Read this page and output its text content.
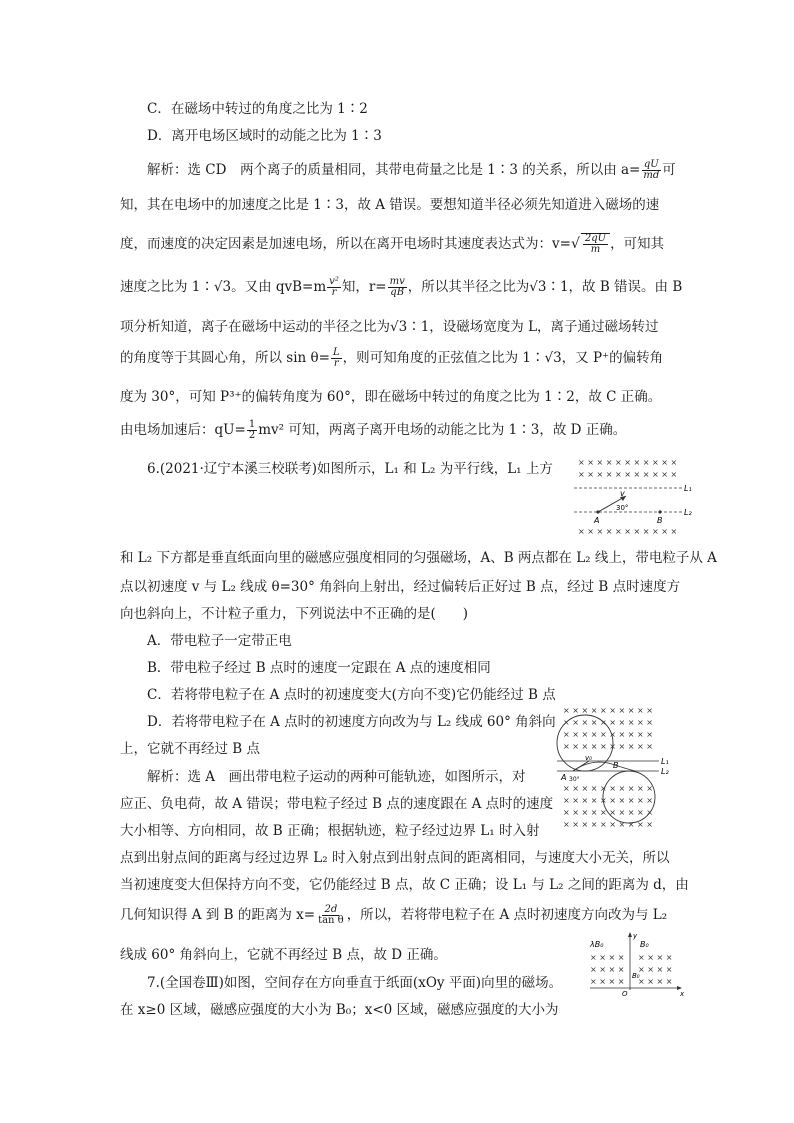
C．在磁场中转过的角度之比为 1∶2
D．离开电场区域时的动能之比为 1∶3
解析：选 CD　两个离子的质量相同，其带电荷量之比是 1∶3 的关系，所以由 $a= \frac{qU}{md}$ 可
知，其在电场中的加速度之比是 1∶3，故 A 错误。要想知道半径必须先知道进入磁场的速
度，而速度的决定因素是加速电场，所以在离开电场时其速度表达式为：$v=√ \frac{2qU}{m}$ ，可知其
速度之比为 1∶√3。又由 $qvB=m \frac{\text{v²}}{r}$ 知，$r= \frac{mv}{qB}$ ，所以其半径之比为√3∶1，故 B 错误。由 B
项分析知道，离子在磁场中运动的半径之比为√3∶1，设磁场宽度为 L，离子通过磁场转过
的角度等于其圆心角，所以 $\sin \theta= \frac{L}{r}$ ，则可知角度的正弦值之比为 1∶√3，又 P⁺的偏转角
度为 30°，可知 P³⁺的偏转角度为 60°，即在磁场中转过的角度之比为 1∶2，故 C 正确。
由电场加速后：$qU= \frac{1}{2} mv^2$ 可知，两离子离开电场的动能之比为 1∶3，故 D 正确。
6.(2021·辽宁本溪三校联考)如图所示，L₁ 和 L₂ 为平行线，L₁ 上方	× × × × × × × × × × ×
× × × × × × × × × × ×
L₁
L₂
v
30°
A	B
× × × × × × × × × × ×
和 L₂ 下方都是垂直纸面向里的磁感应强度相同的匀强磁场，A、B 两点都在 L₂ 线上，带电粒子从 A
点以初速度 v 与 L₂ 线成 θ=30° 角斜向上射出，经过偏转后正好过 B 点，经过 B 点时速度方
向也斜向上，不计粒子重力，下列说法中不正确的是(　　)
A．带电粒子一定带正电
B．带电粒子经过 B 点时的速度一定跟在 A 点的速度相同
C．若将带电粒子在 A 点时的初速度变大(方向不变)它仍能经过 B 点
D．若将带电粒子在 A 点时的初速度方向改为与 L₂ 线成 60° 角斜向
上，它就不再经过 B 点
× × × × × × × × × ×
× × × × × × × × × ×
× × × × × × × × × ×
× × × × × × × × × ×
L₁
L₂
v₀
A 30°
B
× × × × × × × × × ×
× × × × × × × × × ×
× × × × × × × × × ×
× × × × × × × × × ×
解析：选 A　画出带电粒子运动的两种可能轨迹，如图所示，对
应正、负电荷，故 A 错误；带电粒子经过 B 点的速度跟在 A 点时的速度
大小相等、方向相同，故 B 正确；根据轨迹，粒子经过边界 L₁ 时入射
点到出射点间的距离与经过边界 L₂ 时入射点到出射点间的距离相同，与速度大小无关，所以
当初速度变大但保持方向不变，它仍能经过 B 点，故 C 正确；设 L₁ 与 L₂ 之间的距离为 d，由
几何知识得 A 到 B 的距离为 $x= \frac{2d}{\text{tan θ}}$ ，所以，若将带电粒子在 A 点时初速度方向改为与 L₂
线成 60° 角斜向上，它就不再经过 B 点，故 D 正确。
λB₀	B₀
y
× × × × × × × ×
× × × × × × × ×
× × × × × × × ×
B₀
x
O
7.(全国卷Ⅲ)如图，空间存在方向垂直于纸面(xOy 平面)向里的磁场。
在 x≥0 区域，磁感应强度的大小为 B₀；x<0 区域，磁感应强度的大小为
